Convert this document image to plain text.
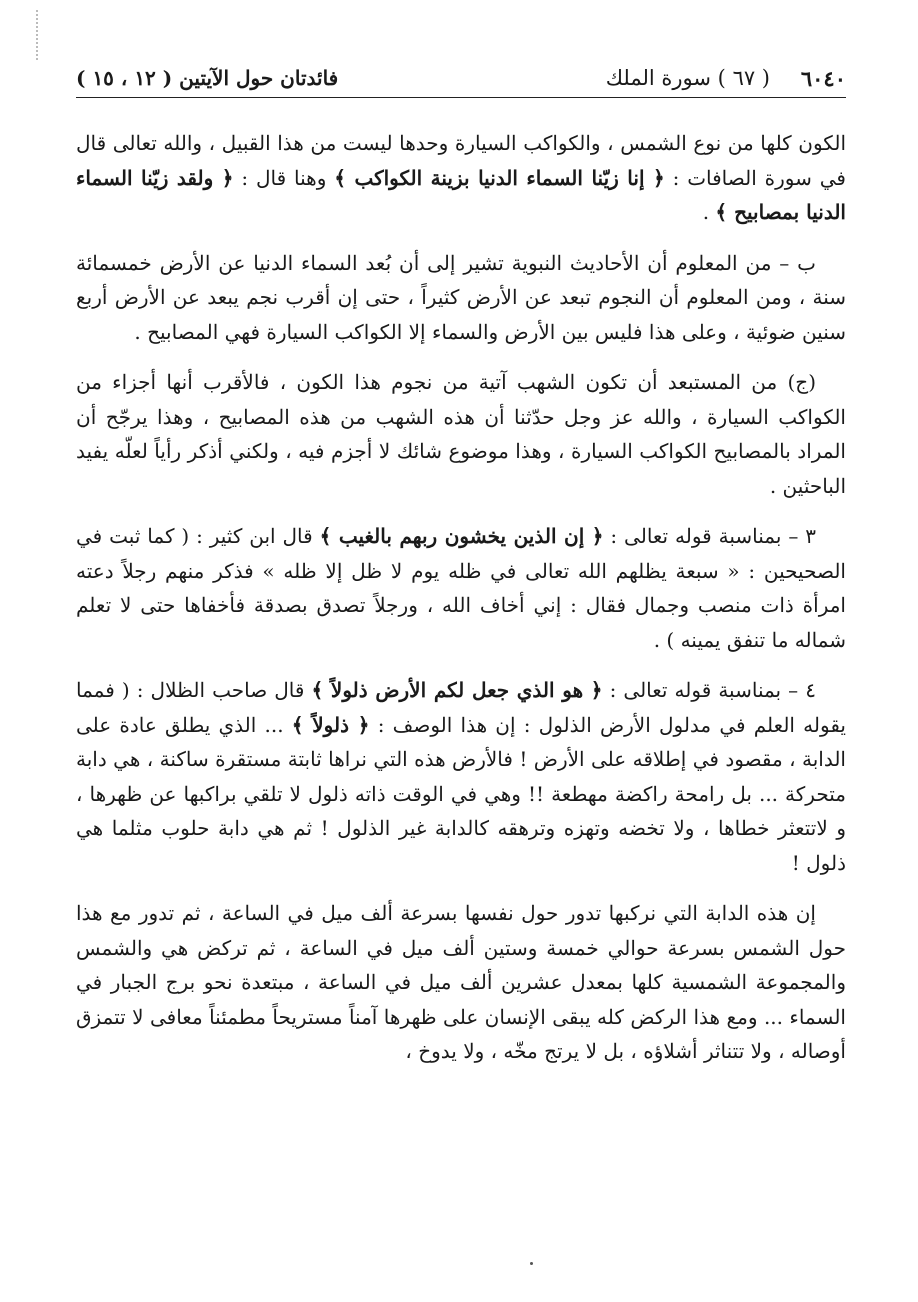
٦٠٤٠
( ٦٧ ) سورة الملك
فائدتان حول الآيتين ( ١٢ ، ١٥ )

الكون كلها من نوع الشمس ، والكواكب السيارة وحدها ليست من هذا القبيل ، والله تعالى قال في سورة الصافات : ﴿ إنا زيّنا السماء الدنيا بزينة الكواكب ﴾ وهنا قال : ﴿ ولقد زيّنا السماء الدنيا بمصابيح ﴾ .

ب – من المعلوم أن الأحاديث النبوية تشير إلى أن بُعد السماء الدنيا عن الأرض خمسمائة سنة ، ومن المعلوم أن النجوم تبعد عن الأرض كثيراً ، حتى إن أقرب نجم يبعد عن الأرض أربع سنين ضوئية ، وعلى هذا فليس بين الأرض والسماء إلا الكواكب السيارة فهي المصابيح .

(ج) من المستبعد أن تكون الشهب آتية من نجوم هذا الكون ، فالأقرب أنها أجزاء من الكواكب السيارة ، والله عز وجل حدّثنا أن هذه الشهب من هذه المصابيح ، وهذا يرجّح أن المراد بالمصابيح الكواكب السيارة ، وهذا موضوع شائك لا أجزم فيه ، ولكني أذكر رأياً لعلّه يفيد الباحثين .

٣ – بمناسبة قوله تعالى : ﴿ إن الذين يخشون ربهم بالغيب ﴾ قال ابن كثير : ( كما ثبت في الصحيحين : « سبعة يظلهم الله تعالى في ظله يوم لا ظل إلا ظله » فذكر منهم رجلاً دعته امرأة ذات منصب وجمال فقال : إني أخاف الله ، ورجلاً تصدق بصدقة فأخفاها حتى لا تعلم شماله ما تنفق يمينه ) .

٤ – بمناسبة قوله تعالى : ﴿ هو الذي جعل لكم الأرض ذلولاً ﴾ قال صاحب الظلال : ( فمما يقوله العلم في مدلول الأرض الذلول : إن هذا الوصف : ﴿ ذلولاً ﴾ ... الذي يطلق عادة على الدابة ، مقصود في إطلاقه على الأرض ! فالأرض هذه التي نراها ثابتة مستقرة ساكنة ، هي دابة متحركة ... بل رامحة راكضة مهطعة !! وهي في الوقت ذاته ذلول لا تلقي براكبها عن ظهرها ، و لاتتعثر خطاها ، ولا تخضه وتهزه وترهقه كالدابة غير الذلول ! ثم هي دابة حلوب مثلما هي ذلول !

إن هذه الدابة التي نركبها تدور حول نفسها بسرعة ألف ميل في الساعة ، ثم تدور مع هذا حول الشمس بسرعة حوالي خمسة وستين ألف ميل في الساعة ، ثم تركض هي والشمس والمجموعة الشمسية كلها بمعدل عشرين ألف ميل في الساعة ، مبتعدة نحو برج الجبار في السماء ... ومع هذا الركض كله يبقى الإنسان على ظهرها آمناً مستريحاً مطمئناً معافى لا تتمزق أوصاله ، ولا تتناثر أشلاؤه ، بل لا يرتج مخّه ، ولا يدوخ ،
